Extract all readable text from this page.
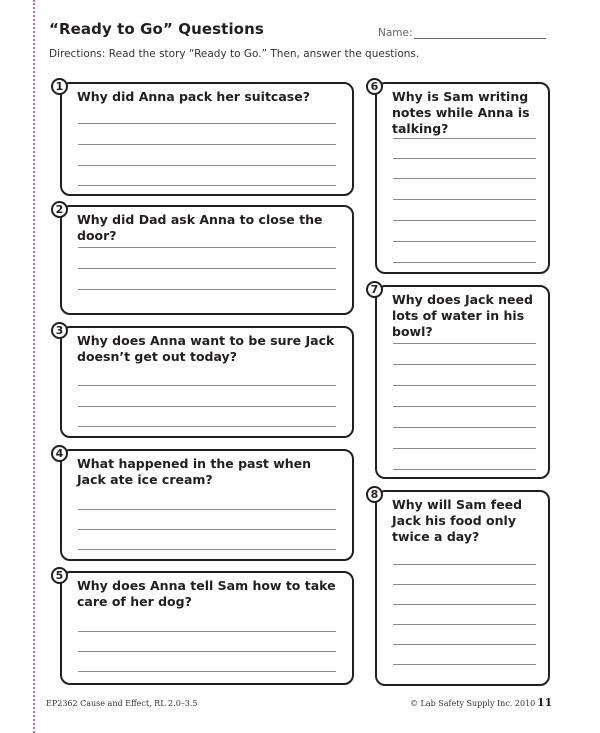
“Ready to Go” Questions	Name:
Directions: Read the story “Ready to Go.” Then, answer the questions.
1
Why did Anna pack her suitcase?
2
Why did Dad ask Anna to close the door?
3
Why does Anna want to be sure Jack doesn’t get out today?
4
What happened in the past when Jack ate ice cream?
5
Why does Anna tell Sam how to take care of her dog?
6
Why is Sam writing notes while Anna is talking?
7
Why does Jack need lots of water in his bowl?
8
Why will Sam feed Jack his food only twice a day?
EP2362 Cause and Effect, RL 2.0–3.5	© Lab Safety Supply Inc. 2010 11
